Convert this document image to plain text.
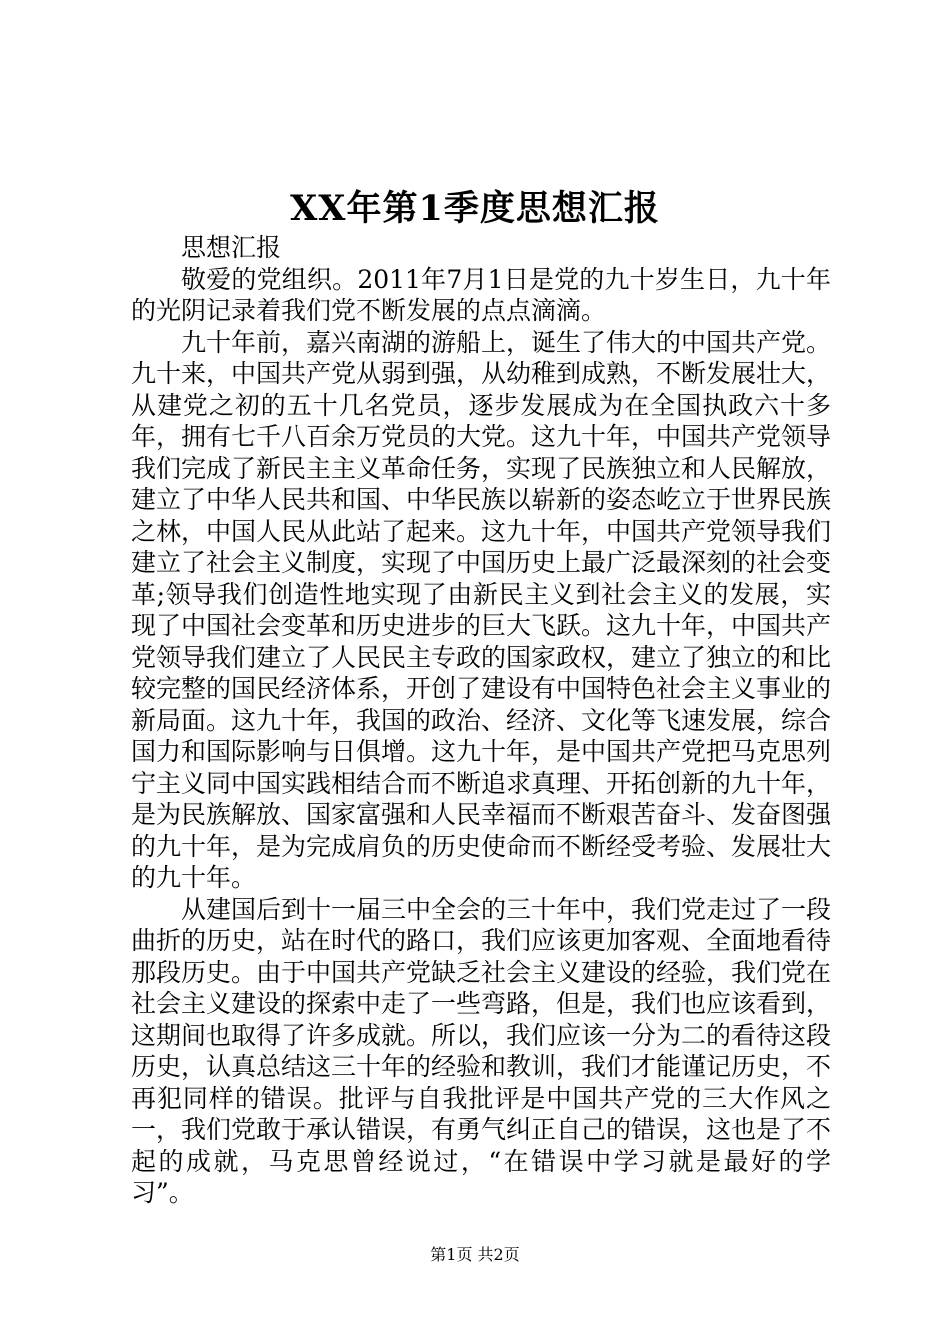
XX年第1季度思想汇报

思想汇报

敬爱的党组织。2011年7月1日是党的九十岁生日，九十年的光阴记录着我们党不断发展的点点滴滴。

九十年前，嘉兴南湖的游船上，诞生了伟大的中国共产党。九十来，中国共产党从弱到强，从幼稚到成熟，不断发展壮大，从建党之初的五十几名党员，逐步发展成为在全国执政六十多年，拥有七千八百余万党员的大党。这九十年，中国共产党领导我们完成了新民主主义革命任务，实现了民族独立和人民解放，建立了中华人民共和国、中华民族以崭新的姿态屹立于世界民族之林，中国人民从此站了起来。这九十年，中国共产党领导我们建立了社会主义制度，实现了中国历史上最广泛最深刻的社会变革;领导我们创造性地实现了由新民主义到社会主义的发展，实现了中国社会变革和历史进步的巨大飞跃。这九十年，中国共产党领导我们建立了人民民主专政的国家政权，建立了独立的和比较完整的国民经济体系，开创了建设有中国特色社会主义事业的新局面。这九十年，我国的政治、经济、文化等飞速发展，综合国力和国际影响与日俱增。这九十年，是中国共产党把马克思列宁主义同中国实践相结合而不断追求真理、开拓创新的九十年，是为民族解放、国家富强和人民幸福而不断艰苦奋斗、发奋图强的九十年，是为完成肩负的历史使命而不断经受考验、发展壮大的九十年。

从建国后到十一届三中全会的三十年中，我们党走过了一段曲折的历史，站在时代的路口，我们应该更加客观、全面地看待那段历史。由于中国共产党缺乏社会主义建设的经验，我们党在社会主义建设的探索中走了一些弯路，但是，我们也应该看到，这期间也取得了许多成就。所以，我们应该一分为二的看待这段历史，认真总结这三十年的经验和教训，我们才能谨记历史，不再犯同样的错误。批评与自我批评是中国共产党的三大作风之一，我们党敢于承认错误，有勇气纠正自己的错误，这也是了不起的成就，马克思曾经说过，“在错误中学习就是最好的学习”。

第1页 共2页
